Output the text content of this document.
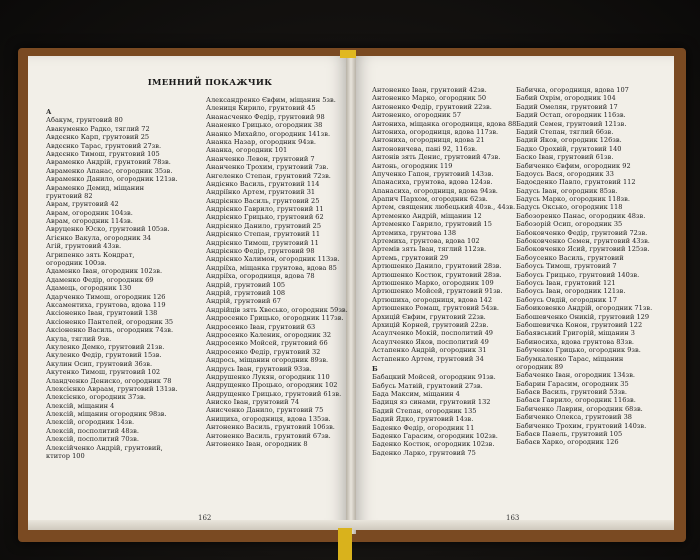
ІМЕННИЙ ПОКАЖЧИК
А
Абакум, грунтовий 80
Авакуменко Радко, тяглий 72
Авдєєнко Карп, грунтовий 25
Авдєєнко Тарас, грунтовий 27зв.
Авдєєнко Тимош, грунтовий 105
Авраменко Андрій, грунтовий 78зв.
Авраменко Апанас, огородник 35зв.
Авраменко Данило, огородник 121зв.
Авраменко Демид, міщанин
грунтовий 82
Аврам, грунтовий 42
Аврам, огородник 104зв.
Аврам, огородник 114зв.
Авруценко Юско, грунтовий 105зв.
Агієнко Вакула, огородник 34
Агій, грунтовий 43зв.
Агрипенко зять Кондрат,
огородник 100зв.
Адаменко Іван, огородник 102зв.
Адаменко Федір, огородник 69
Адамець, огородник 130
Адарченко Тимош, огородник 126
Аксаментиха, грунтова, вдова 119
Аксіоненко Іван, грунтовий 138
Аксіоненко Пантелей, огородник 35
Аксіоненко Василь, огородник 74зв.
Акула, тяглий 9зв.
Акуленко Демко, грунтовий 21зв.
Акуленко Федір, грунтовий 15зв.
Акулин Осип, грунтовий 36зв.
Акутенко Тимош, грунтовий 102
Аландченко Дениско, огородник 78
Алексієнко Авраам, грунтовий 131зв.
Алексієнко, огородник 37зв.
Алексій, міщанин 4
Алексій, міщанин огородник 98зв.
Алексій, огородник 14зв.
Алексій, посполитий 48зв.
Алексій, посполитий 70зв.
Алексійченко Андрій, грунтовий,
ктитор 100
Александренко Євфим, міщанин 5зв.
Алениця Кирило, грунтовий 45
Ананасченко Федір, грунтовий 98
Ананенко Грицько, огородник 38
Ананко Михайло, огородник 141зв.
Ананка Назар, огородник 94зв.
Ананка, огородник 101
Ананченко Левон, грунтовий 7
Ананченко Трохим, грунтовий 7зв.
Ангеленко Степан, грунтовий 72зв.
Андієнко Василь, грунтовий 114
Андріїнко Артем, грунтовий 31
Андрієнко Василь, грунтовий 25
Андрієнко Гаврило, грунтовий 11
Андрієнко Грицько, грунтовий 62
Андрієнко Данило, грунтовий 25
Андрієнко Степан, грунтовий 11
Андрієнко Тимош, грунтовий 11
Андрієнко Федір, грунтовий 98
Андрієнко Халимон, огородник 113зв.
Андріїха, міщанка грунтова, вдова 85
Андріїха, огородниця, вдова 78
Андрій, грунтовий 105
Андрій, грунтовий 108
Андрій, грунтовий 67
Андрійців зять Хвесько, огородник 59зв.
Андросенко Грицько, огородник 117зв.
Андросенко Іван, грунтовий 63
Андросенко Каленик, огородник 32
Андросенко Мойсей, грунтовий 66
Андросенко Федір, грунтовий 32
Андрось, міщанин огородник 89зв.
Андрусь Іван, грунтовий 93зв.
Андрушенко Лукян, огородник 110
Андрущенко Процько, огородник 102
Андрущенко Грицько, грунтовий 61зв.
Аниско Іван, грунтовий 74
Анисченко Данило, грунтовий 75
Анищиха, огородниця, вдова 135зв.
Антоненко Василь, грунтовий 106зв.
Антоненко Василь, грунтовий 67зв.
Антоненко Іван, огородник 8
Антоненко Іван, грунтовий 42зв.
Антоненко Марко, огородник 50
Антоненко Федір, грунтовий 22зв.
Антоненко, огородник 57
Антониха, міщанка огородниця, вдова 88
Антониха, огородниця, вдова 117зв.
Антониха, огородниця, вдова 21
Антоновичева, пані 92, 116зв.
Антонів зять Денис, грунтовий 47зв.
Антонь, огородник 119
Апученко Гапон, грунтовий 143зв.
Апанасиха, грунтова, вдова 124зв.
Апанасиха, огородниця, вдова 94зв.
Арапич Пархом, огородник 62зв.
Артем, священик любецький 40зв., 44зв.
Артеменко Андрій, міщанин 12
Артеменко Гаврило, грунтовий 15
Артемиха, грунтова 138
Артемиха, грунтова, вдова 102
Артемів зять Іван, тяглий 112зв.
Артемь, грунтовий 29
Артюшенко Данило, грунтовий 28зв.
Артюшенко Костюк, грунтовий 28зв.
Артюшенко Марко, огородник 109
Артюшенко Мойсей, грунтовий 91зв.
Артюшиха, огородниця, вдова 142
Артюшенко Ромащ, грунтовий 54зв.
Архицій Євфим, грунтовий 22зв.
Архицій Корней, грунтовий 22зв.
Асаулченко Мокій, посполитий 49
Асаулченко Яков, посполитий 49
Астапенко Андрій, огородник 31
Астапенко Артем, грунтовий 34
Б
Бабацкий Мойсей, огородник 91зв.
Бабусь Матвій, грунтовий 27зв.
Бада Максим, міщанин 4
Бадиця яз синами, грунтовий 132
Бадий Степан, огородник 135
Бадий Ядко, грунтовий 14зв.
Баденко Федір, огородник 11
Баденко Гарасим, огородник 102зв.
Баденко Костюк, огородник 102зв.
Баденко Ларко, грунтовий 75
Бабичка, огородниця, вдова 107
Бабий Охрім, огородник 104
Бадий Омелян, грунтовий 17
Бадий Остап, огородник 116зв.
Бадий Семен, грунтовий 121зв.
Бадий Степан, тяглий 66зв.
Бадий Яков, огородник 126зв.
Бадко Орохвій, грунтовий 140
Баско Іван, грунтовий 61зв.
Бабиченко Євфим, огородник 92
Бадоусь Вася, огородник 33
Бадоєденко Павло, грунтовий 112
Бадусь Іван, огородник 85зв.
Бадусь Марко, огородник 118зв.
Бадусь Оксько, огородник 118
Бабозоренко Панас, огородник 48зв.
Бабозорій Осип, огородник 35
Бабоковченко Федір, грунтовий 72зв.
Бабоковченко Семен, грунтовий 43зв.
Бабоковченко Ясий, грунтовий 125зв.
Бабоусенко Василь, грунтовий
Бабоусь Тимош, грунтовий 7
Бабоусь Грицько, грунтовий 140зв.
Бабоусь Іван, грунтовий 121
Бабоусь Іван, огородник 121зв.
Бабоусь Овдій, огородник 17
Бабоиковенко Андрій, огородник 71зв.
Бабошевченко Оникій, грунтовий 129
Бабошевичка Конон, грунтовий 122
Бабаявський Григорій, міщанин 3
Бабиносиха, вдова грунтова 83зв.
Бабученко Грицько, огородник 9зв.
Бабумкаленко Тарас, міщанин
огородник 89
Бабаченко Іван, огородник 134зв.
Бабарин Гарасим, огородник 35
Бабаєв Василь, грунтовий 53зв.
Бабаєв Гаврило, огородник 116зв.
Бабиченко Лаврин, огородник 68зв.
Бабиченко Олекса, грунтовий 38
Бабиченко Трохим, грунтовий 140зв.
Бабаєв Павель, грунтовий 105
Бабаєв Харко, огородник 126
162	163
